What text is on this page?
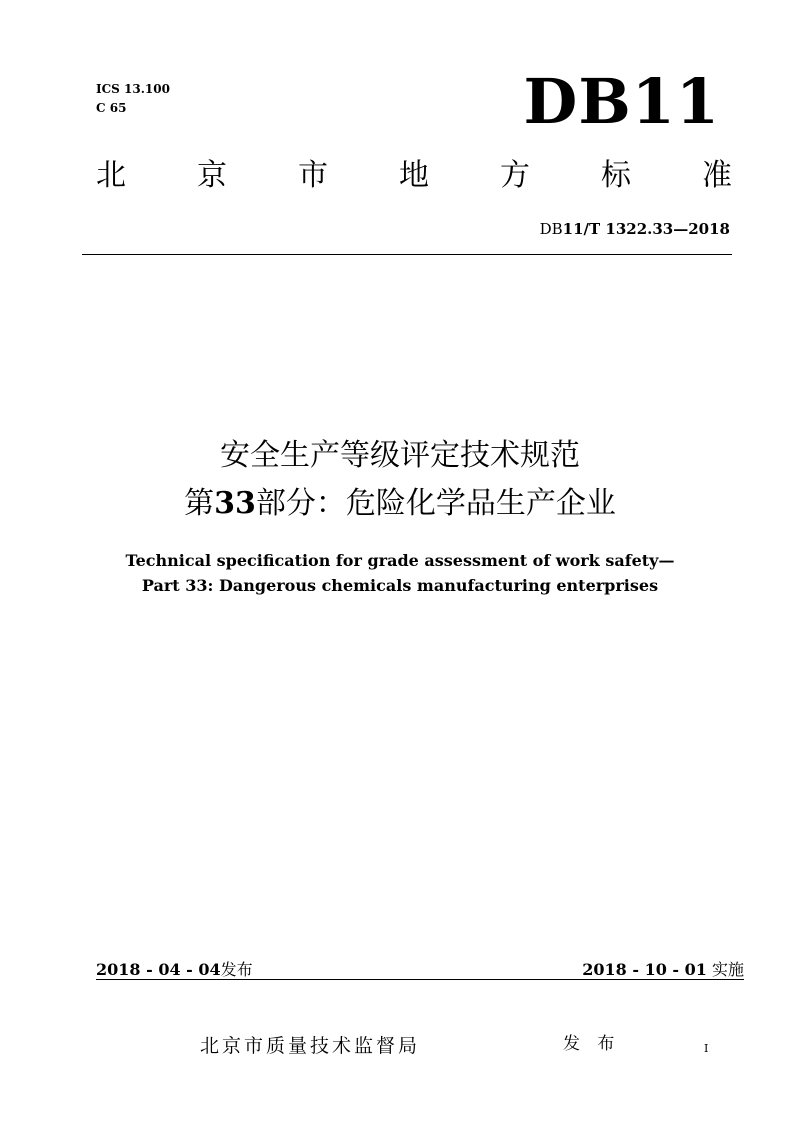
ICS 13.100
C 65	DB11
北 京 市 地 方 标 准
DB11/T 1322.33—2018
安全生产等级评定技术规范
第33部分：危险化学品生产企业
Technical specification for grade assessment of work safety—
Part 33: Dangerous chemicals manufacturing enterprises
2018 - 04 - 04发布	2018 - 10 - 01 实施
北京市质量技术监督局	发 布	I
